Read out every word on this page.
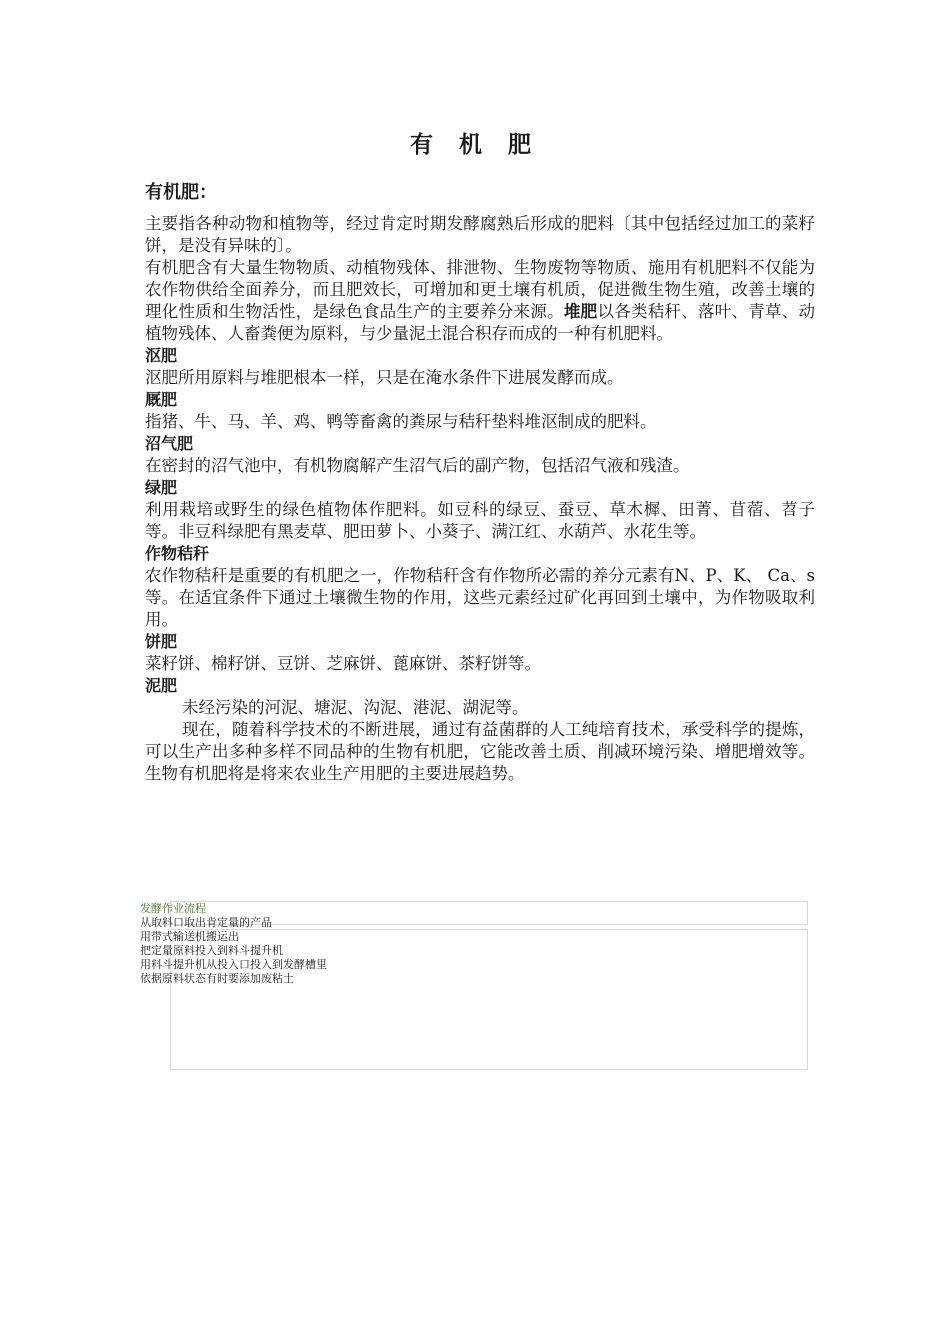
有 机 肥
有机肥：

主要指各种动物和植物等，经过肯定时期发酵腐熟后形成的肥料〔其中包括经过加工的菜籽饼，是没有异味的〕。

有机肥含有大量生物物质、动植物残体、排泄物、生物废物等物质、施用有机肥料不仅能为农作物供给全面养分，而且肥效长，可增加和更土壤有机质，促进微生物生殖，改善土壤的理化性质和生物活性，是绿色食品生产的主要养分来源。堆肥以各类秸秆、落叶、青草、动植物残体、人畜粪便为原料，与少量泥土混合积存而成的一种有机肥料。

沤肥

沤肥所用原料与堆肥根本一样，只是在淹水条件下进展发酵而成。

厩肥

指猪、牛、马、羊、鸡、鸭等畜禽的粪尿与秸秆垫料堆沤制成的肥料。

沼气肥

在密封的沼气池中，有机物腐解产生沼气后的副产物，包括沼气液和残渣。

绿肥

利用栽培或野生的绿色植物体作肥料。如豆科的绿豆、蚕豆、草木樨、田菁、苜蓿、苕子等。非豆科绿肥有黑麦草、肥田萝卜、小葵子、满江红、水葫芦、水花生等。

作物秸秆

农作物秸秆是重要的有机肥之一，作物秸秆含有作物所必需的养分元素有N、P、K、 Ca、s 等。在适宜条件下通过土壤微生物的作用，这些元素经过矿化再回到土壤中，为作物吸取利用。

饼肥

菜籽饼、棉籽饼、豆饼、芝麻饼、蓖麻饼、茶籽饼等。

泥肥

未经污染的河泥、塘泥、沟泥、港泥、湖泥等。

现在，随着科学技术的不断进展，通过有益菌群的人工纯培育技术，承受科学的提炼，可以生产出多种多样不同品种的生物有机肥，它能改善土质、削减环境污染、增肥增效等。生物有机肥将是将来农业生产用肥的主要进展趋势。

发酵作业流程

从取料口取出肯定量的产品

用带式输送机搬运出

把定量原料投入到料斗提升机

用料斗提升机从投入口投入到发酵槽里

依据原料状态有时要添加废粘土
